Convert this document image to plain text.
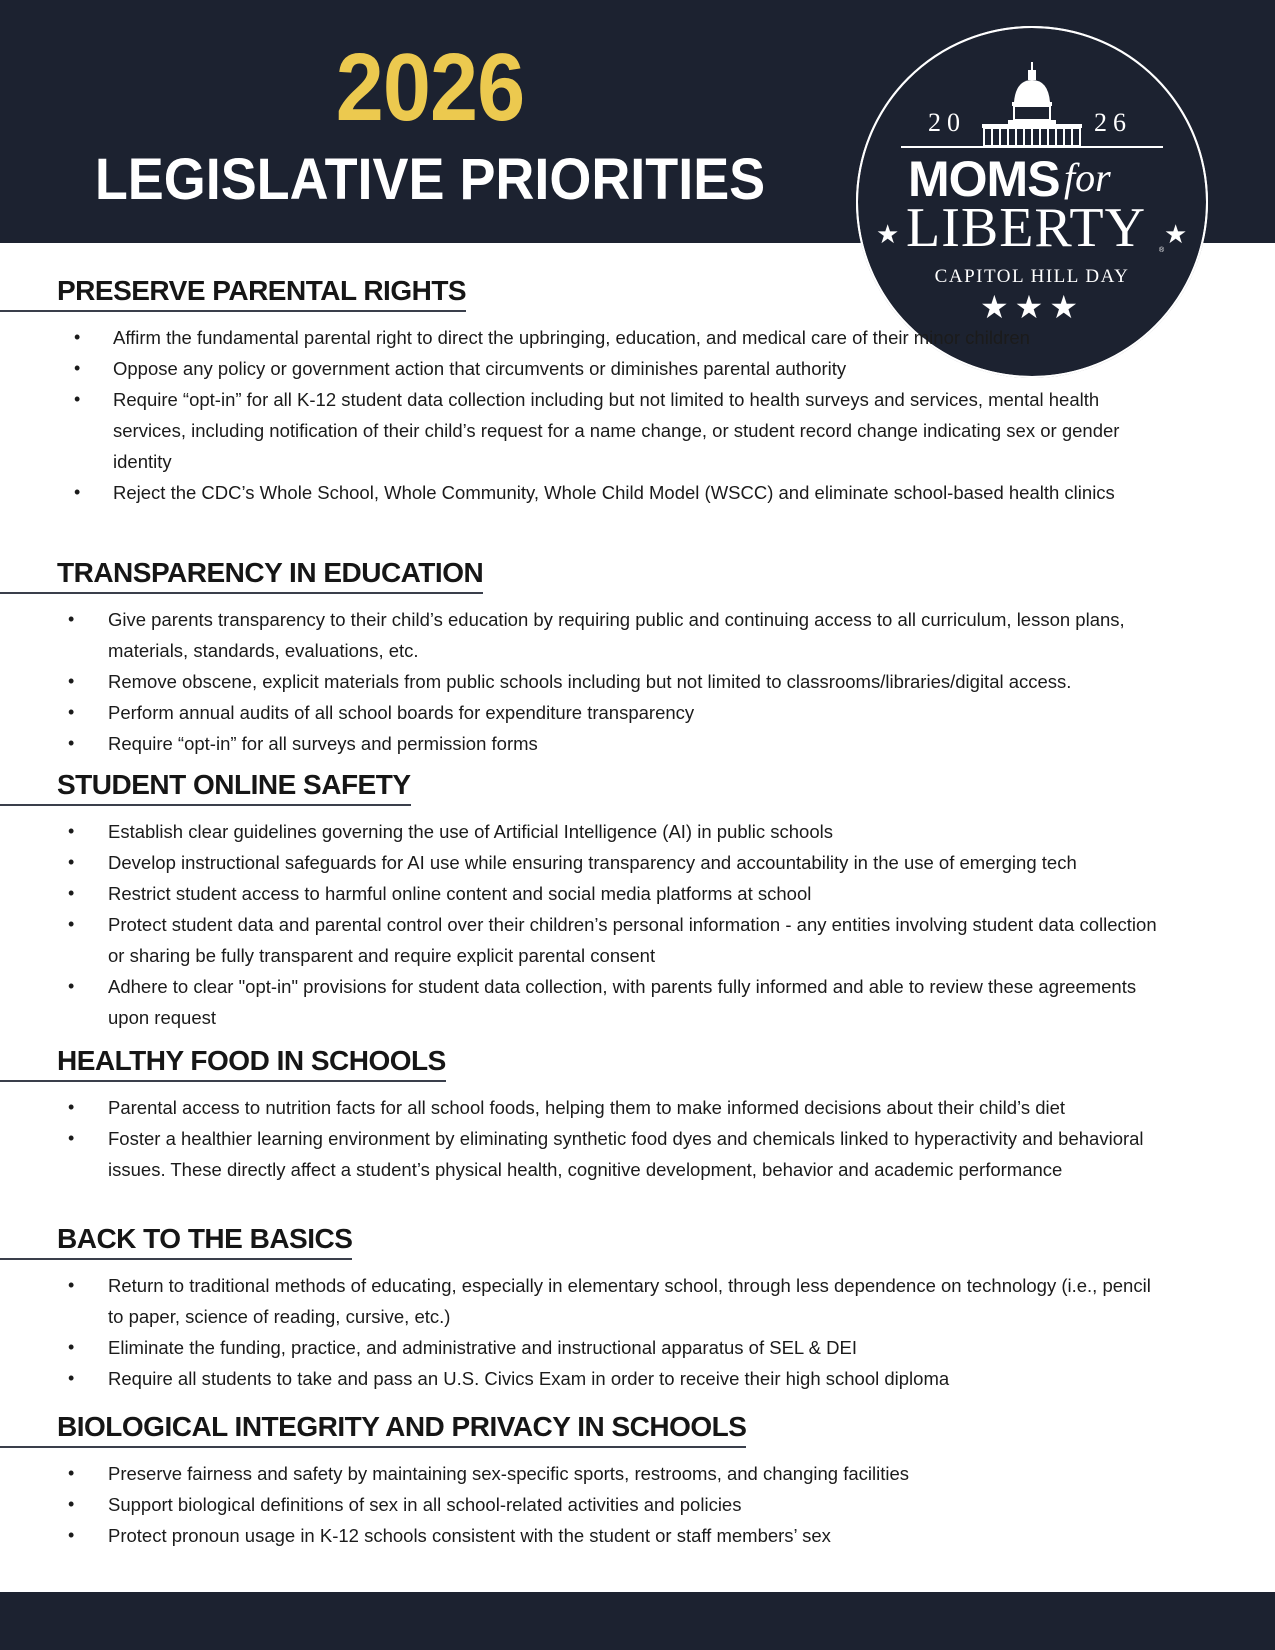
2026
LEGISLATIVE PRIORITIES
20	26
MOMS for
★ LIBERTY ®
★
CAPITOL HILL DAY
★★★
PRESERVE PARENTAL RIGHTS
• Affirm the fundamental parental right to direct the upbringing, education, and medical care of their minor children
• Oppose any policy or government action that circumvents or diminishes parental authority
• Require “opt-in” for all K-12 student data collection including but not limited to health surveys and services, mental health services, including notification of their child’s request for a name change, or student record change indicating sex or gender identity
• Reject the CDC’s Whole School, Whole Community, Whole Child Model (WSCC) and eliminate school-based health clinics
TRANSPARENCY IN EDUCATION
• Give parents transparency to their child’s education by requiring public and continuing access to all curriculum, lesson plans, materials, standards, evaluations, etc.
• Remove obscene, explicit materials from public schools including but not limited to classrooms/libraries/digital access.
• Perform annual audits of all school boards for expenditure transparency
• Require “opt-in” for all surveys and permission forms
STUDENT ONLINE SAFETY
• Establish clear guidelines governing the use of Artificial Intelligence (AI) in public schools
• Develop instructional safeguards for AI use while ensuring transparency and accountability in the use of emerging tech
• Restrict student access to harmful online content and social media platforms at school
• Protect student data and parental control over their children’s personal information - any entities involving student data collection or sharing be fully transparent and require explicit parental consent
• Adhere to clear "opt-in" provisions for student data collection, with parents fully informed and able to review these agreements upon request
HEALTHY FOOD IN SCHOOLS
• Parental access to nutrition facts for all school foods, helping them to make informed decisions about their child’s diet
• Foster a healthier learning environment by eliminating synthetic food dyes and chemicals linked to hyperactivity and behavioral issues. These directly affect a student’s physical health, cognitive development, behavior and academic performance
BACK TO THE BASICS
• Return to traditional methods of educating, especially in elementary school, through less dependence on technology (i.e., pencil to paper, science of reading, cursive, etc.)
• Eliminate the funding, practice, and administrative and instructional apparatus of SEL & DEI
• Require all students to take and pass an U.S. Civics Exam in order to receive their high school diploma
BIOLOGICAL INTEGRITY AND PRIVACY IN SCHOOLS
• Preserve fairness and safety by maintaining sex-specific sports, restrooms, and changing facilities
• Support biological definitions of sex in all school-related activities and policies
• Protect pronoun usage in K-12 schools consistent with the student or staff members’ sex
